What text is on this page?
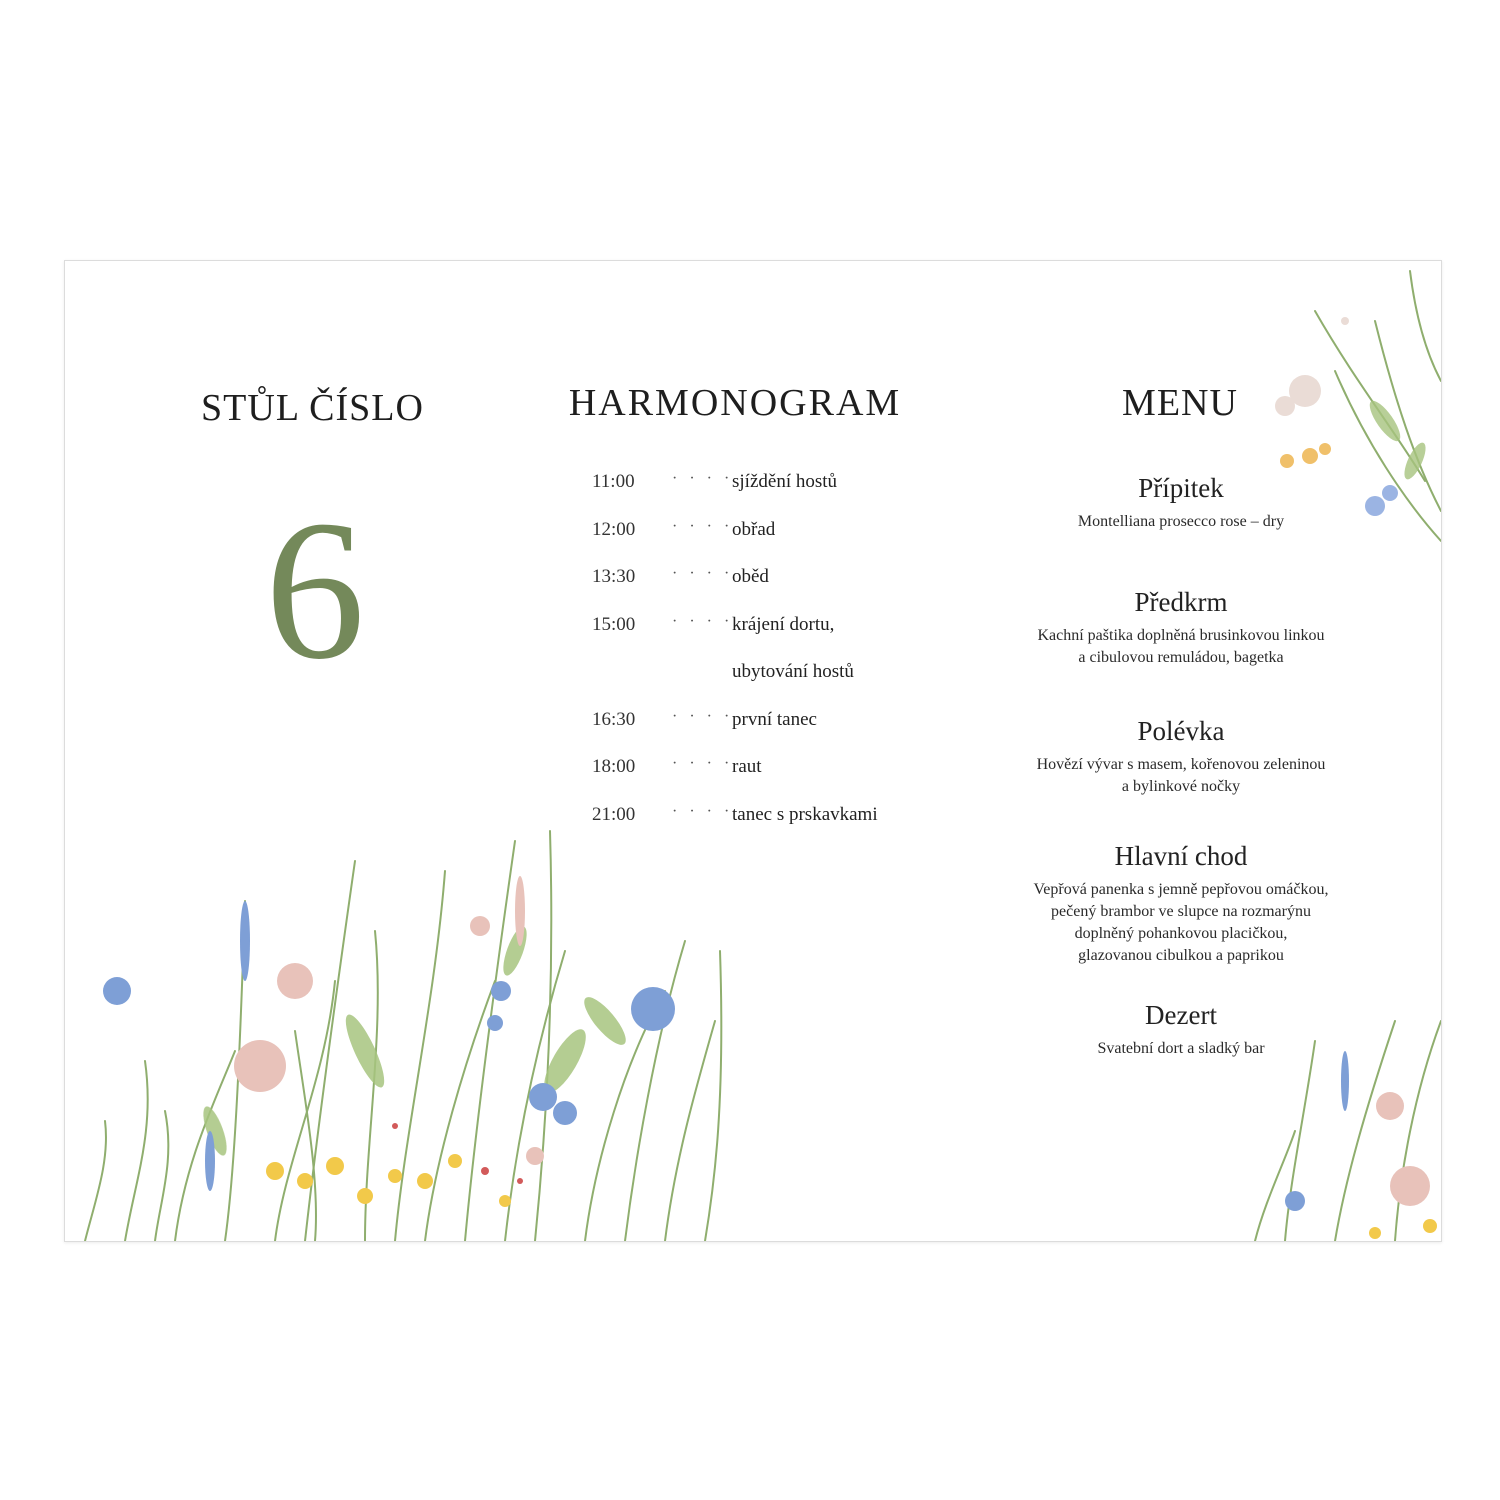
STŮL ČÍSLO
6
HARMONOGRAM
11:00 · · · ·
sjíždění hostů
12:00 · · · ·
obřad
13:30 · · · ·
oběd
15:00 · · · ·
krájení dortu,
ubytování hostů
16:30 · · · ·
první tanec
18:00 · · · ·
raut
21:00 · · · ·
tanec s prskavkami
MENU
Přípitek
Montelliana prosecco rose – dry
Předkrm
Kachní paštika doplněná brusinkovou linkou
a cibulovou remuládou, bagetka
Polévka
Hovězí vývar s masem, kořenovou zeleninou
a bylinkové nočky
Hlavní chod
Vepřová panenka s jemně pepřovou omáčkou,
pečený brambor ve slupce na rozmarýnu
doplněný pohankovou placičkou,
glazovanou cibulkou a paprikou
Dezert
Svatební dort a sladký bar
